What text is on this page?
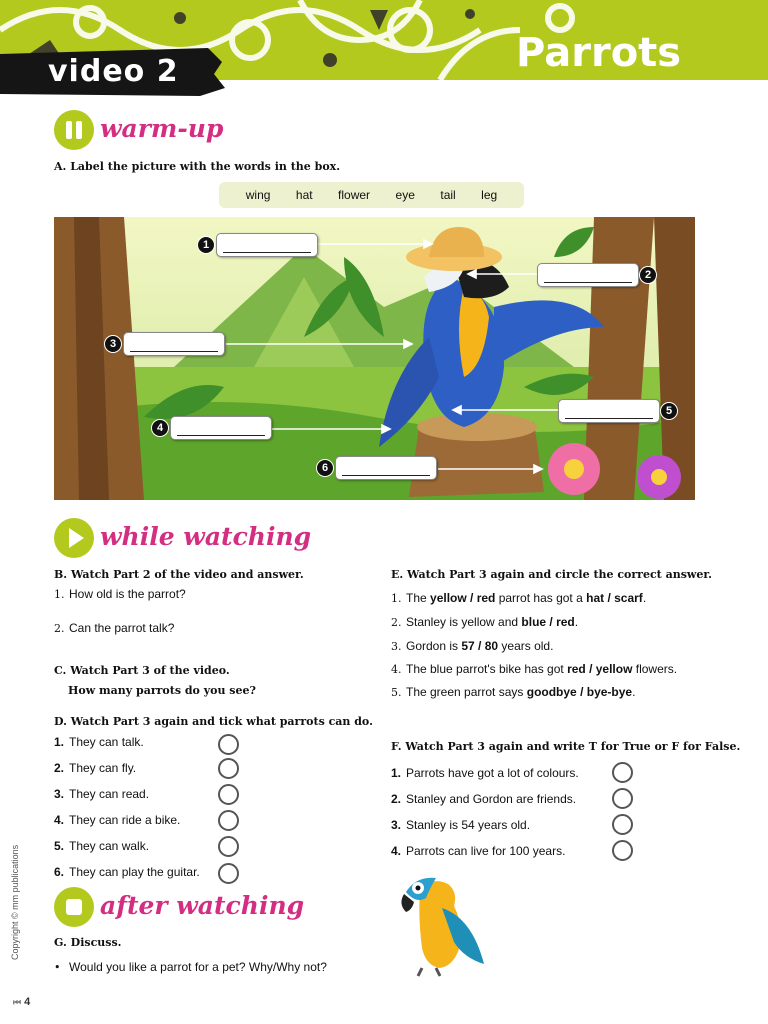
video 2	Parrots
warm-up
A. Label the picture with the words in the box.
wing hat flower eye tail leg
1
2
3
4
5
6
while watching
B. Watch Part 2 of the video and answer.
1. How old is the parrot?
2. Can the parrot talk?
C. Watch Part 3 of the video.
How many parrots do you see?
D. Watch Part 3 again and tick what parrots can do.
1. They can talk.
2. They can fly.
3. They can read.
4. They can ride a bike.
5. They can walk.
6. They can play the guitar.
E. Watch Part 3 again and circle the correct answer.
1. The yellow / red parrot has got a hat / scarf.
2. Stanley is yellow and blue / red.
3. Gordon is 57 / 80 years old.
4. The blue parrot's bike has got red / yellow flowers.
5. The green parrot says goodbye / bye-bye.
F. Watch Part 3 again and write T for True or F for False.
1. Parrots have got a lot of colours.
2. Stanley and Gordon are friends.
3. Stanley is 54 years old.
4. Parrots can live for 100 years.
after watching
G. Discuss.
• Would you like a parrot for a pet? Why/Why not?
Copyright © mm publications
⏮ 4
